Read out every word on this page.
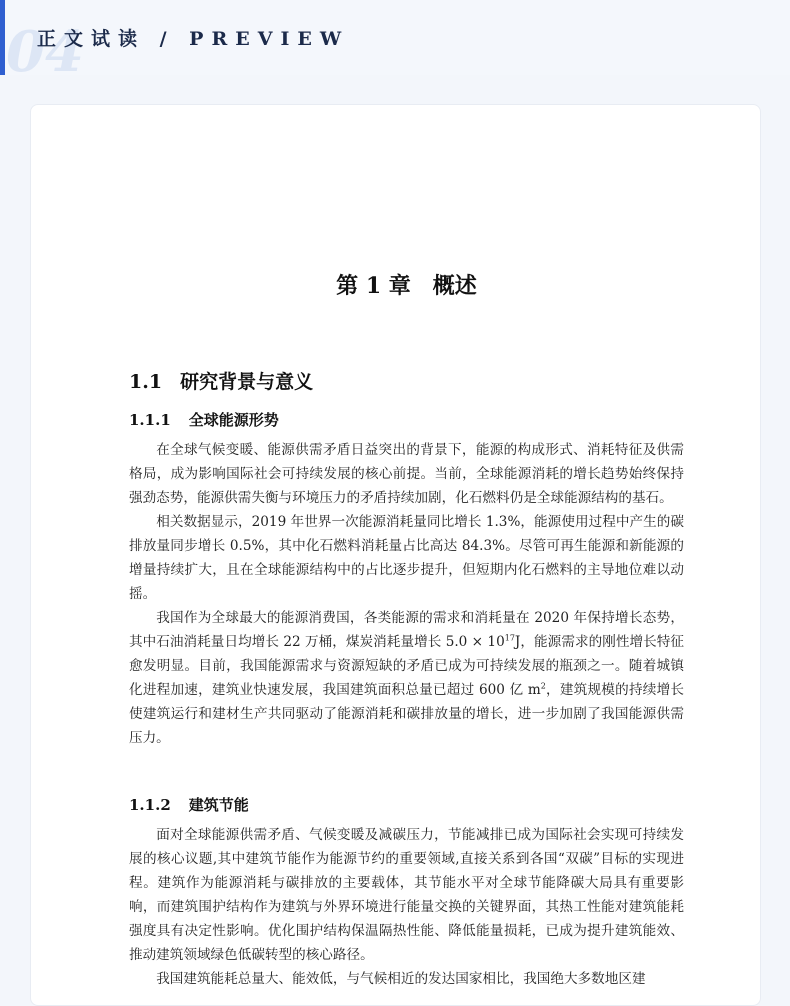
04
正文试读 / PREVIEW
第 1 章　概述
1.1 研究背景与意义
1.1.1 全球能源形势

在全球气候变暖、能源供需矛盾日益突出的背景下，能源的构成形式、消耗特征及供需格局，成为影响国际社会可持续发展的核心前提。当前，全球能源消耗的增长趋势始终保持强劲态势，能源供需失衡与环境压力的矛盾持续加剧，化石燃料仍是全球能源结构的基石。

相关数据显示，2019 年世界一次能源消耗量同比增长 1.3%，能源使用过程中产生的碳排放量同步增长 0.5%，其中化石燃料消耗量占比高达 84.3%。尽管可再生能源和新能源的增量持续扩大，且在全球能源结构中的占比逐步提升，但短期内化石燃料的主导地位难以动摇。

我国作为全球最大的能源消费国，各类能源的需求和消耗量在 2020 年保持增长态势，其中石油消耗量日均增长 22 万桶，煤炭消耗量增长 $5.0 \times 10^{17}J$，能源需求的刚性增长特征愈发明显。目前，我国能源需求与资源短缺的矛盾已成为可持续发展的瓶颈之一。随着城镇化进程加速，建筑业快速发展，我国建筑面积总量已超过 600 亿 $m^2$，建筑规模的持续增长使建筑运行和建材生产共同驱动了能源消耗和碳排放量的增长，进一步加剧了我国能源供需压力。

1.1.2 建筑节能

面对全球能源供需矛盾、气候变暖及减碳压力，节能减排已成为国际社会实现可持续发展的核心议题,其中建筑节能作为能源节约的重要领域,直接关系到各国“双碳”目标的实现进程。建筑作为能源消耗与碳排放的主要载体，其节能水平对全球节能降碳大局具有重要影响，而建筑围护结构作为建筑与外界环境进行能量交换的关键界面，其热工性能对建筑能耗强度具有决定性影响。优化围护结构保温隔热性能、降低能量损耗，已成为提升建筑能效、推动建筑领域绿色低碳转型的核心路径。

我国建筑能耗总量大、能效低，与气候相近的发达国家相比，我国绝大多数地区建
